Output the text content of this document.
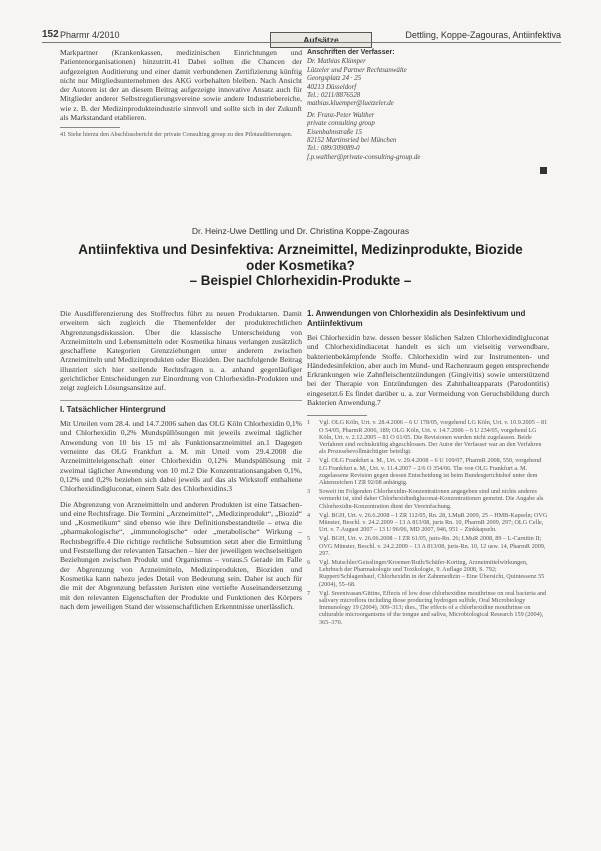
152 Pharmr 4/2010	Aufsätze	Dettling, Koppe-Zagouras, Antiinfektiva

Markpartner (Krankenkassen, medizinischen Einrichtungen und Patientenorganisationen) hinzutritt.41 Dabei sollten die Chancen der aufgezeigten Auditierung und einer damit verbundenen Zertifizierung künftig nicht nur Mitgliedsunternehmen des AKG vorbehalten bleiben. Nach Ansicht der Autoren ist der an diesem Beitrag aufgezeigte innovative Ansatz auch für Mitglieder anderer Selbstregulierungsvereine sowie andere Industriebereiche, wie z. B. der Medizinprodukteindustrie sinnvoll und sollte sich in der Zukunft als Markstandard etablieren.

41 Siehe hierzu den Abschlussbericht der private Consulting group zu den Pilotauditierungen.
Anschriften der Verfasser:
Dr. Mathias Klümper
Lützeler und Partner Rechtsanwälte
Georgsplatz 24 · 25
40213 Düsseldorf
Tel.: 0211/8876528
mathias.kluemper@luetzeler.de
Dr. Franz-Peter Walther
private consulting group
Eisenbahnstraße 15
82152 Martinsried bei München
Tel.: 089/309089-0
f.p.walther@private-consulting-group.de
Dr. Heinz-Uwe Dettling und Dr. Christina Koppe-Zagouras
Antiinfektiva und Desinfektiva: Arzneimittel, Medizinprodukte, Biozide
oder Kosmetika?
– Beispiel Chlorhexidin-Produkte –

Die Ausdifferenzierung des Stoffrechts führt zu neuen Produktarten. Damit erweitern sich zugleich die Themenfelder der produktrechtlichen Abgrenzungsdiskussion. Über die klassische Unterscheidung von Arzneimitteln und Lebensmitteln oder Kosmetika hinaus verlangen zusätzlich geschaffene Kategorien Grenzziehungen unter anderem zwischen Arzneimitteln und Medizinprodukten oder Bioziden. Der nachfolgende Beitrag illustriert sich hier stellende Rechtsfragen u. a. anhand gegenläufiger gerichtlicher Entscheidungen zur Einordnung von Chlorhexidin-Produkten und zeigt zugleich Lösungsansätze auf.

I. Tatsächlicher Hintergrund

Mit Urteilen vom 28.4. und 14.7.2006 sahen das OLG Köln Chlorhexidin 0,1% und Chlorhexidin 0,2% Mundspüllösungen mit jeweils zweimal täglicher Anwendung von 10 bis 15 ml als Funktionsarzneimittel an.1 Dagegen verneinte das OLG Frankfurt a. M. mit Urteil vom 29.4.2008 die Arzneimitteleigenschaft einer Chlorhexidin 0,12% Mundspüllösung mit zweimal täglicher Anwendung von 10 ml.2 Die Konzentrationsangaben 0,1%, 0,12% und 0,2% beziehen sich dabei jeweils auf das als Wirkstoff enthaltene Chlorhexidindigluconat, einem Salz des Chlorhexidins.3

Die Abgrenzung von Arzneimitteln und anderen Produkten ist eine Tatsachen- und eine Rechtsfrage. Die Termini „Arzneimittel“, „Medizinprodukt“, „Biozid“ und „Kosmetikum“ sind ebenso wie ihre Definitionsbestandteile – etwa die „pharmakologische“, „immunologische“ oder „metabolische“ Wirkung – Rechtsbegriffe.4 Die richtige rechtliche Subsumtion setzt aber die Ermittlung und Feststellung der relevanten Tatsachen – hier der jeweiligen wechselseitigen Beziehungen zwischen Produkt und Organismus – voraus.5 Gerade im Falle der Abgrenzung von Arzneimitteln, Medizinprodukten, Bioziden und Kosmetika kann nahezu jedes Detail von Bedeutung sein. Daher ist auch für die mit der Abgrenzung befassten Juristen eine vertiefte Auseinandersetzung mit den relevanten Eigenschaften der Produkte und Funktionen des Körpers nach dem jeweiligen Stand der wissenschaftlichen Erkenntnisse unerlässlich.

1. Anwendungen von Chlorhexidin als Desinfektivum und Antiinfektivum

Bei Chlorhexidin bzw. dessen besser löslichen Salzen Chlorhexidindigluconat und Chlorhexidindiacetat handelt es sich um vielseitig verwendbare, bakterienbekämpfende Stoffe. Chlorhexidin wird zur Instrumenten- und Händedesinfektion, aber auch im Mund- und Rachenraum gegen entsprechende Erkrankungen wie Zahnfleischentzündungen (Gingivitis) sowie unterstützend bei der Therapie von Entzündungen des Zahnhalteapparats (Parodontitis) eingesetzt.6 Es findet darüber u. a. zur Vermeidung von Geruchsbildung durch Bakterien Anwendung.7

1	Vgl. OLG Köln, Urt. v. 28.4.2006 – 6 U 178/05, vorgehend LG Köln, Urt. v. 10.9.2005 – 81 O 54/05, PharmR 2006, 189; OLG Köln, Urt. v. 14.7.2006 – 6 U 234/05, vorgehend LG Köln, Urt. v. 2.12.2005 – 81 O 61/05. Die Revisionen wurden nicht zugelassen. Beide Verfahren sind rechtskräftig abgeschlossen. Der Autor der Verfasser war an den Verfahren als Prozessbevollmächtigter beteiligt.
2	Vgl. OLG Frankfurt a. M., Urt. v. 29.4.2008 – 6 U 109/07, PharmR 2008, 550, vorgehend LG Frankfurt a. M., Urt. v. 11.4.2007 – 2/6 O 354/06. The von OLG Frankfurt a. M. zugelassene Revision gegen dessen Entscheidung ist beim Bundesgerichtshof unter dem Aktenzeichen I ZR 92/08 anhängig.
3	Soweit im Folgenden Chlorhexidin-Konzentrationen angegeben sind und nichts anderes vermerkt ist, sind daher Chlorhexidindigluconat-Konzentrationen gemeint. Die Angabe als Chlorhexidin-Konzentration dient der Vereinfachung.
4	Vgl. BGH, Urt. v. 26.6.2008 – I ZR 112/05, Rn. 28, LMuR 2009, 25 – HMB-Kapseln; OVG Münster, Beschl. v. 24.2.2009 – 13 A 813/08, juris Rn. 10, PharmR 2009, 297; OLG Celle, Urt. v. 7.August 2007 – 13 U 96/06, MD 2007, 946, 951 – Zinkkapseln.
5	Vgl. BGH, Urt. v. 26.06.2008 – I ZR 61/05, juris-Rn. 26; LMuR 2008, 89 – L-Carnitin II; OVG Münster, Beschl. v. 24.2.2009 – 13 A 813/08, juris-Rn. 10, 12 usw. 14, PharmR 2009, 297.
6	Vgl. Mutschler/Geisslinger/Kroemer/Ruth/Schäfer-Korting, Arzneimittelwirkungen, Lehrbuch der Pharmakologie und Toxikologie, 9. Auflage 2008, S. 792; Ruppert/Schlagenhauf, Chlorhexidin in der Zahnmedizin – Eine Übersicht, Quintessenz 55 (2004), 55–68.
7	Vgl. Sreenivasan/Gittins, Effects of low dose chlorhexidine mouthrinse on oral bacteria and salivary microflora including those producing hydrogen sulfide, Oral Microbiology Immunology 19 (2004), 309–313; dies., The effects of a chlorhexidine mouthrinse on culturable microorganisms of the tongue and saliva, Microbiological Research 159 (2004), 365–370.
